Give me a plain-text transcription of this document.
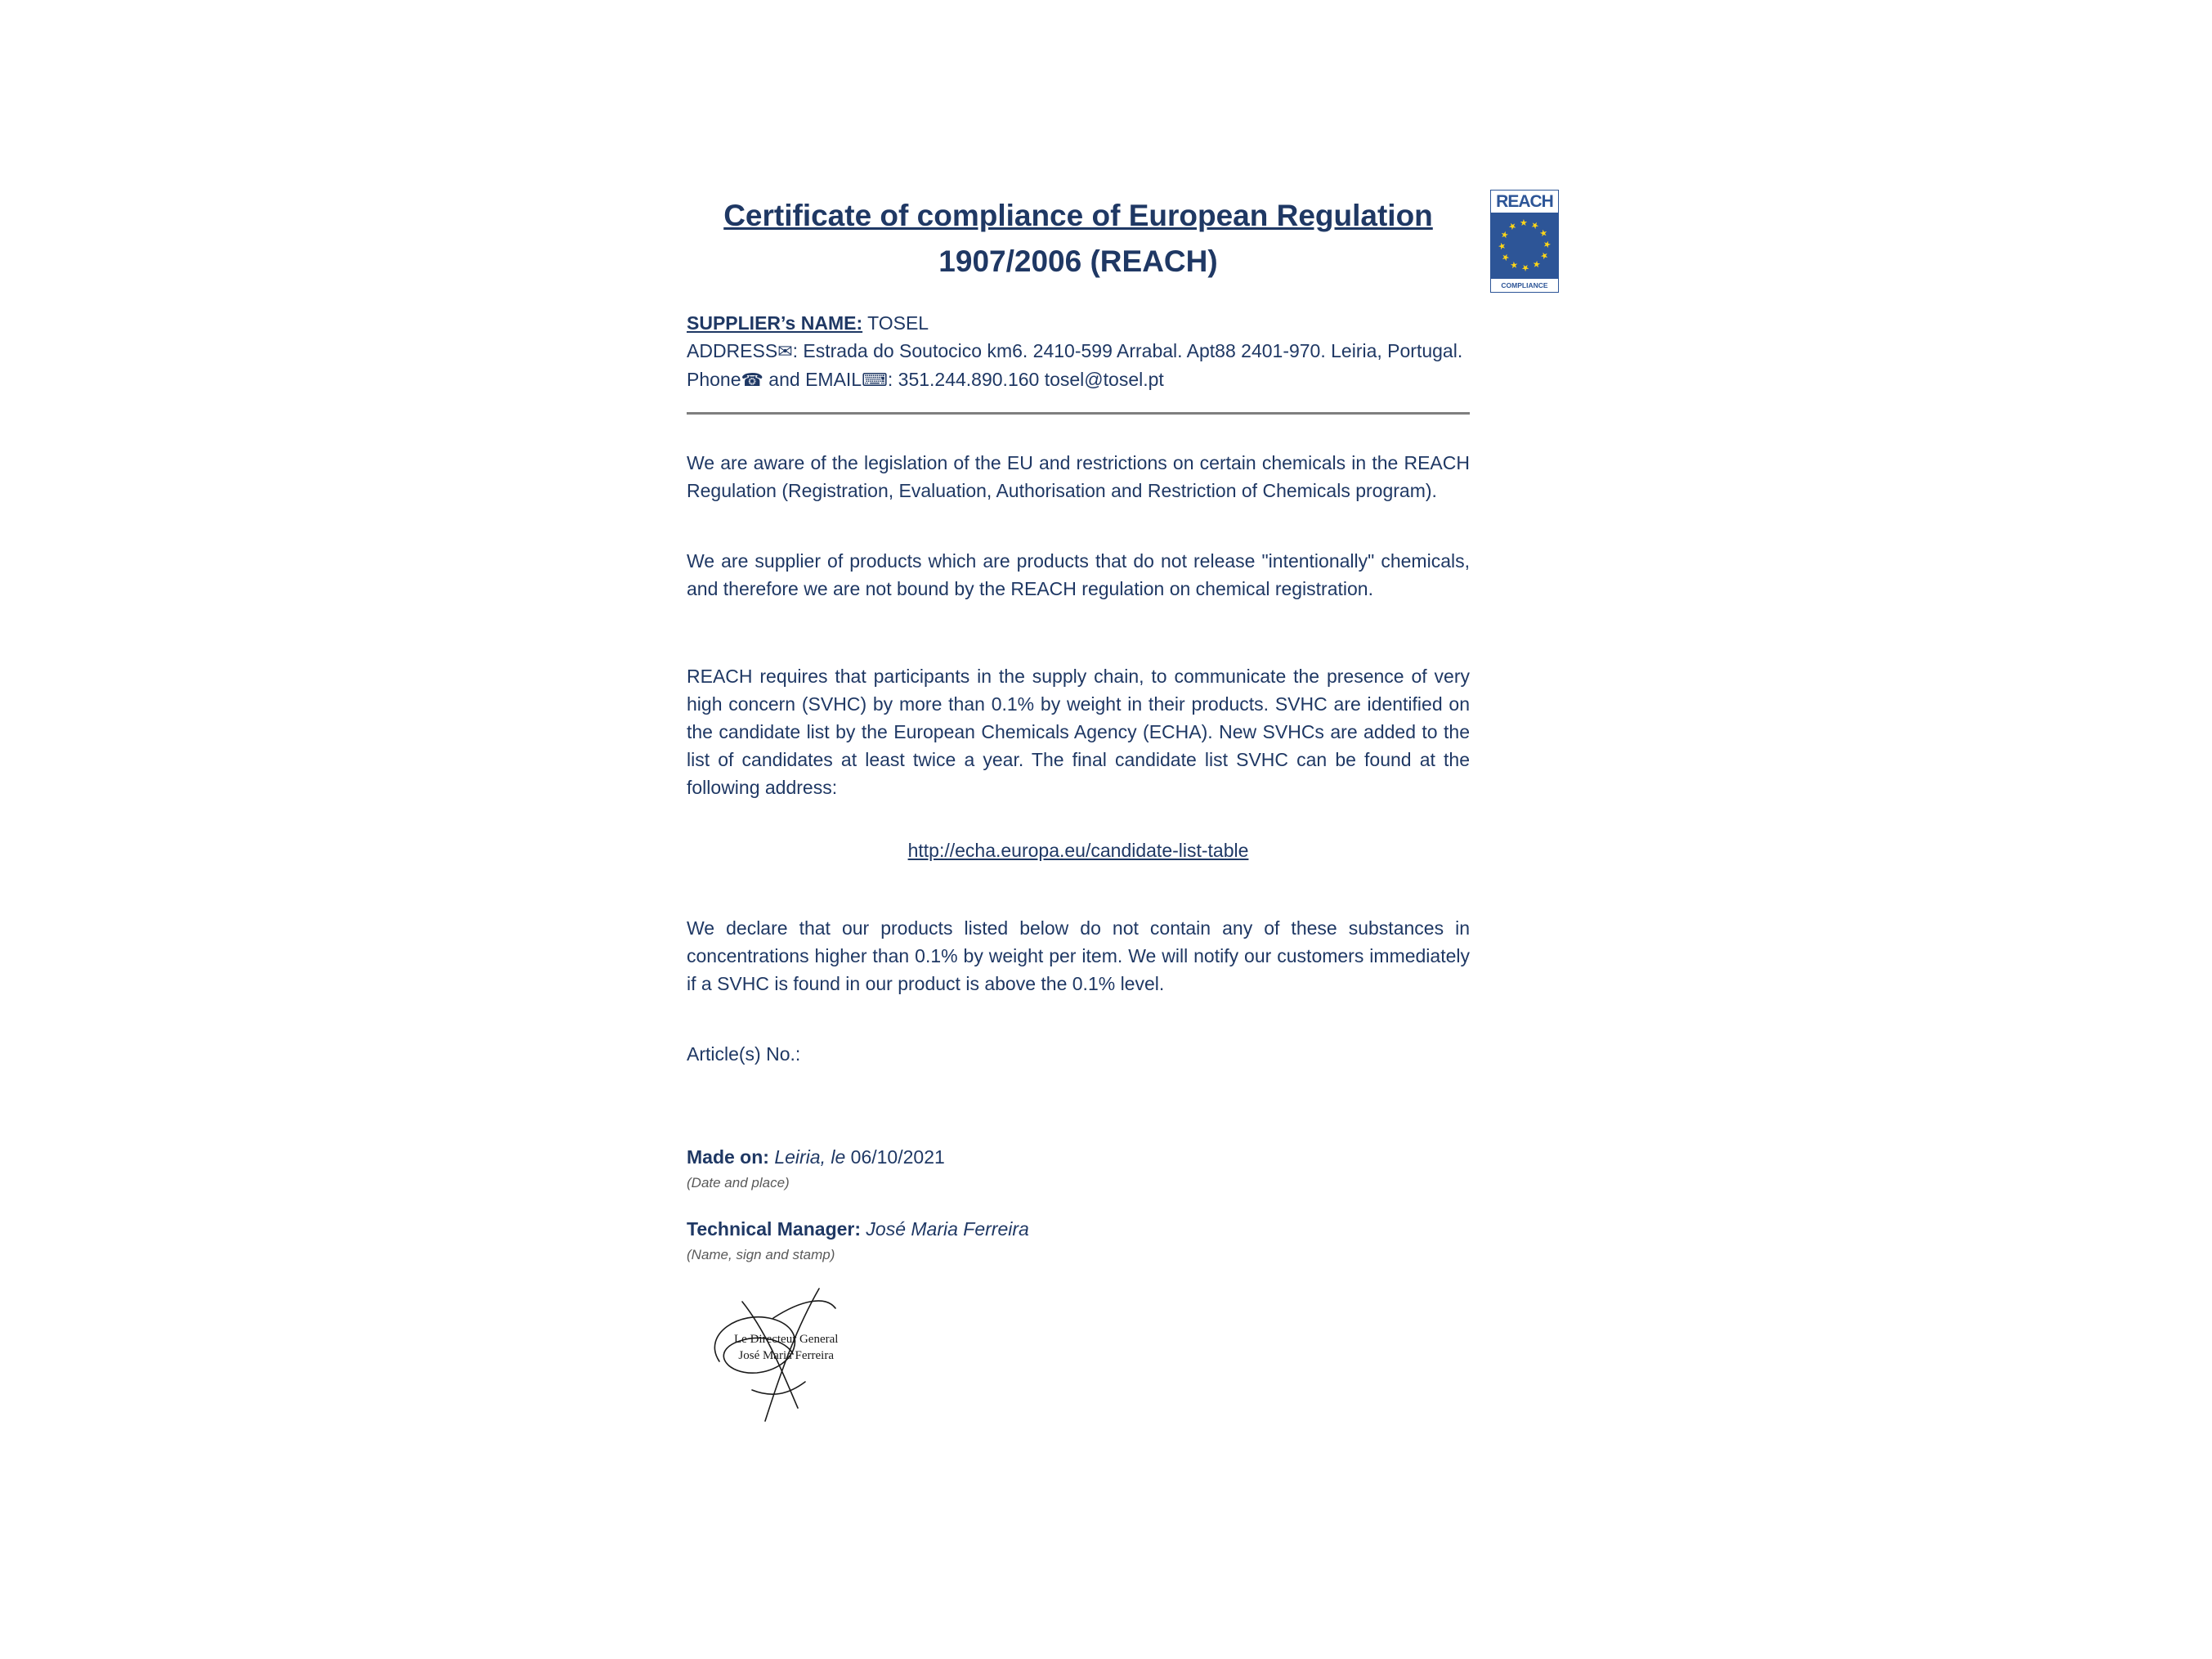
REACH
COMPLIANCE
Certificate of compliance of European Regulation
1907/2006 (REACH)

SUPPLIER’s NAME: TOSEL

ADDRESS✉: Estrada do Soutocico km6. 2410-599 Arrabal. Apt88 2401-970. Leiria, Portugal.

Phone☎ and EMAIL⌨: 351.244.890.160 tosel@tosel.pt

We are aware of the legislation of the EU and restrictions on certain chemicals in the REACH Regulation (Registration, Evaluation, Authorisation and Restriction of Chemicals program).

We are supplier of products which are products that do not release "intentionally" chemicals, and therefore we are not bound by the REACH regulation on chemical registration.

REACH requires that participants in the supply chain, to communicate the presence of very high concern (SVHC) by more than 0.1% by weight in their products. SVHC are identified on the candidate list by the European Chemicals Agency (ECHA). New SVHCs are added to the list of candidates at least twice a year. The final candidate list SVHC can be found at the following address:

http://echa.europa.eu/candidate-list-table

We declare that our products listed below do not contain any of these substances in concentrations higher than 0.1% by weight per item. We will notify our customers immediately if a SVHC is found in our product is above the 0.1% level.

Article(s) No.:

Made on: Leiria, le 06/10/2021

(Date and place)

Technical Manager: José Maria Ferreira

(Name, sign and stamp)

Le Directeur General
José Maria Ferreira
